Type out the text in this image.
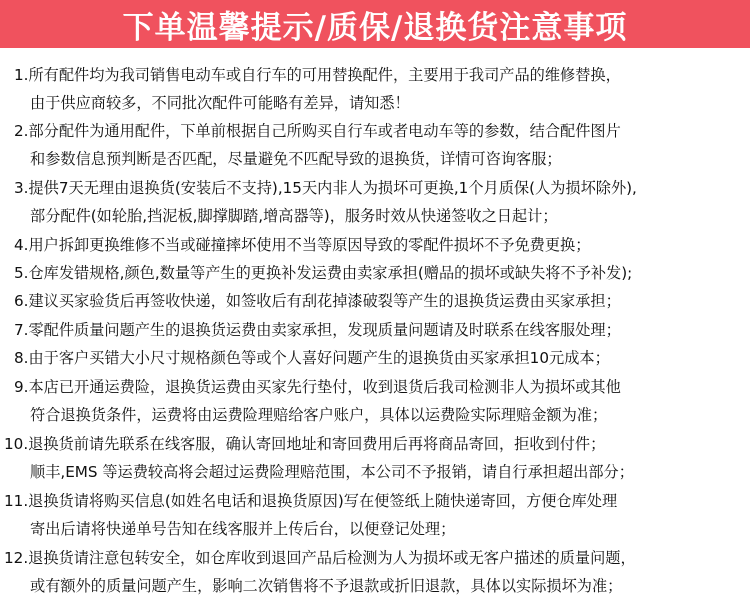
下单温馨提示/质保/退换货注意事项
1.所有配件均为我司销售电动车或自行车的可用替换配件，主要用于我司产品的维修替换，
由于供应商较多，不同批次配件可能略有差异，请知悉！
2.部分配件为通用配件，下单前根据自己所购买自行车或者电动车等的参数，结合配件图片
和参数信息预判断是否匹配，尽量避免不匹配导致的退换货，详情可咨询客服；
3.提供7天无理由退换货(安装后不支持),15天内非人为损坏可更换,1个月质保(人为损坏除外),
部分配件(如轮胎,挡泥板,脚撑脚踏,增高器等)，服务时效从快递签收之日起计；
4.用户拆卸更换维修不当或碰撞摔坏使用不当等原因导致的零配件损坏不予免费更换；
5.仓库发错规格,颜色,数量等产生的更换补发运费由卖家承担(赠品的损坏或缺失将不予补发);
6.建议买家验货后再签收快递，如签收后有刮花掉漆破裂等产生的退换货运费由买家承担；
7.零配件质量问题产生的退换货运费由卖家承担，发现质量问题请及时联系在线客服处理；
8.由于客户买错大小尺寸规格颜色等或个人喜好问题产生的退换货由买家承担10元成本；
9.本店已开通运费险，退换货运费由买家先行垫付，收到退货后我司检测非人为损坏或其他
符合退换货条件，运费将由运费险理赔给客户账户，具体以运费险实际理赔金额为准；
10.退换货前请先联系在线客服，确认寄回地址和寄回费用后再将商品寄回，拒收到付件；
顺丰,EMS 等运费较高将会超过运费险理赔范围，本公司不予报销，请自行承担超出部分；
11.退换货请将购买信息(如姓名电话和退换货原因)写在便签纸上随快递寄回，方便仓库处理
寄出后请将快递单号告知在线客服并上传后台，以便登记处理；
12.退换货请注意包转安全，如仓库收到退回产品后检测为人为损坏或无客户描述的质量问题，
或有额外的质量问题产生，影响二次销售将不予退款或折旧退款，具体以实际损坏为准；
